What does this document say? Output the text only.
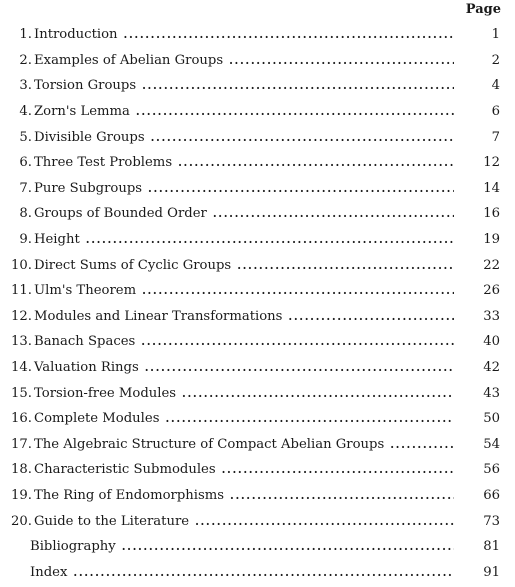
Page
1. Introduction .....	1
2. Examples of Abelian Groups .....	2
3. Torsion Groups .....	4
4. Zorn's Lemma .....	6
5. Divisible Groups .....	7
6. Three Test Problems .....	12
7. Pure Subgroups .....	14
8. Groups of Bounded Order .....	16
9. Height .....	19
10. Direct Sums of Cyclic Groups .....	22
11. Ulm's Theorem .....	26
12. Modules and Linear Transformations .....	33
13. Banach Spaces .....	40
14. Valuation Rings .....	42
15. Torsion-free Modules .....	43
16. Complete Modules .....	50
17. The Algebraic Structure of Compact Abelian Groups .....	54
18. Characteristic Submodules .....	56
19. The Ring of Endomorphisms .....	66
20. Guide to the Literature .....	73
Bibliography .....	81
Index .....	91
